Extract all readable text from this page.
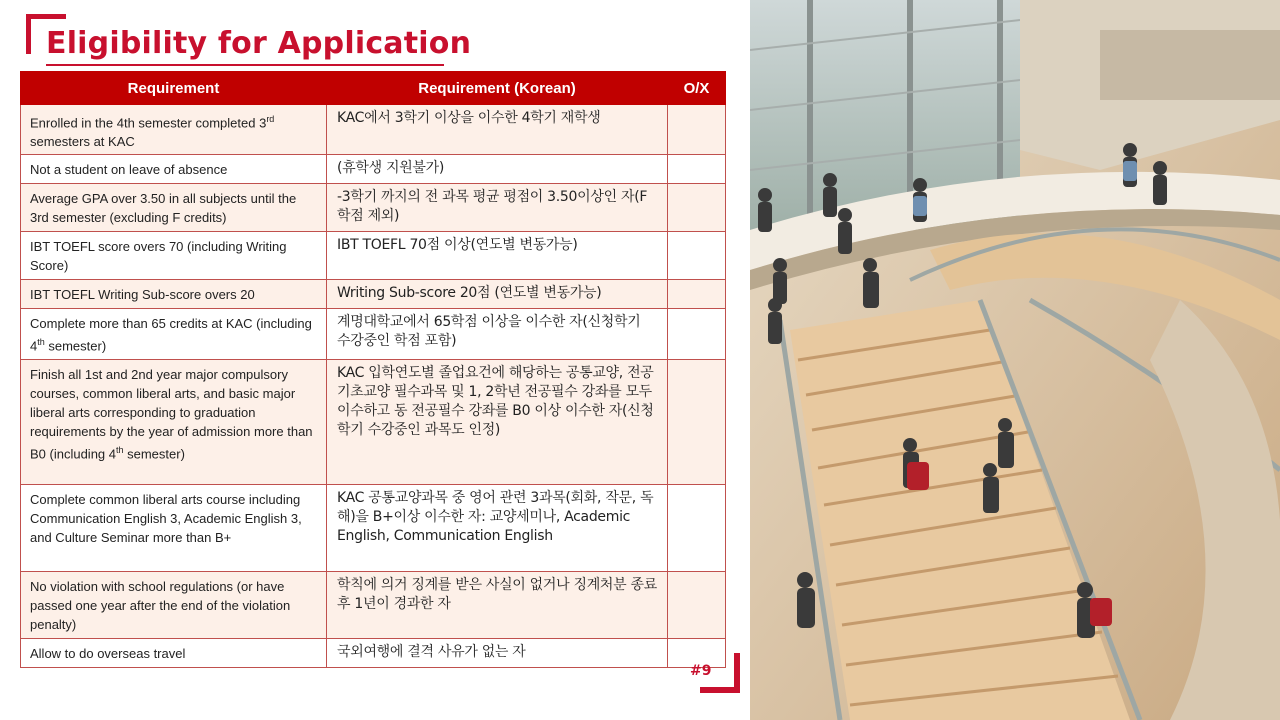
Eligibility for Application
Requirement	Requirement (Korean)	O/X
Enrolled in the 4th semester completed 3rd semesters at KAC	KAC에서 3학기 이상을 이수한 4학기 재학생	
Not a student on leave of absence	(휴학생 지원불가)	
Average GPA over 3.50 in all subjects until the 3rd semester (excluding F credits)	-3학기 까지의 전 과목 평균 평점이 3.50이상인 자(F학점 제외)	
IBT TOEFL score overs 70 (including Writing Score)	IBT TOEFL 70점 이상(연도별 변동가능)	
IBT TOEFL Writing Sub-score overs 20	Writing Sub-score 20점 (연도별 변동가능)	
Complete more than 65 credits at KAC (including 4th semester)	계명대학교에서 65학점 이상을 이수한 자(신청학기 수강중인 학점 포함)	
Finish all 1st and 2nd year major compulsory courses, common liberal arts, and basic major liberal arts corresponding to graduation requirements by the year of admission more than B0 (including 4th semester)	KAC 입학연도별 졸업요건에 해당하는 공통교양, 전공기초교양 필수과목 및 1, 2학년 전공필수 강좌를 모두 이수하고 동 전공필수 강좌를 B0 이상 이수한 자(신청학기 수강중인 과목도 인정)	
Complete common liberal arts course including Communication English 3, Academic English 3, and Culture Seminar more than B+	KAC 공통교양과목 중 영어 관련 3과목(회화, 작문, 독해)을 B+이상 이수한 자: 교양세미나, Academic English, Communication English	
No violation with school regulations (or have passed one year after the end of the violation penalty)	학칙에 의거 징계를 받은 사실이 없거나 징계처분 종료 후 1년이 경과한 자	
Allow to do overseas travel	국외여행에 결격 사유가 없는 자	
#9
